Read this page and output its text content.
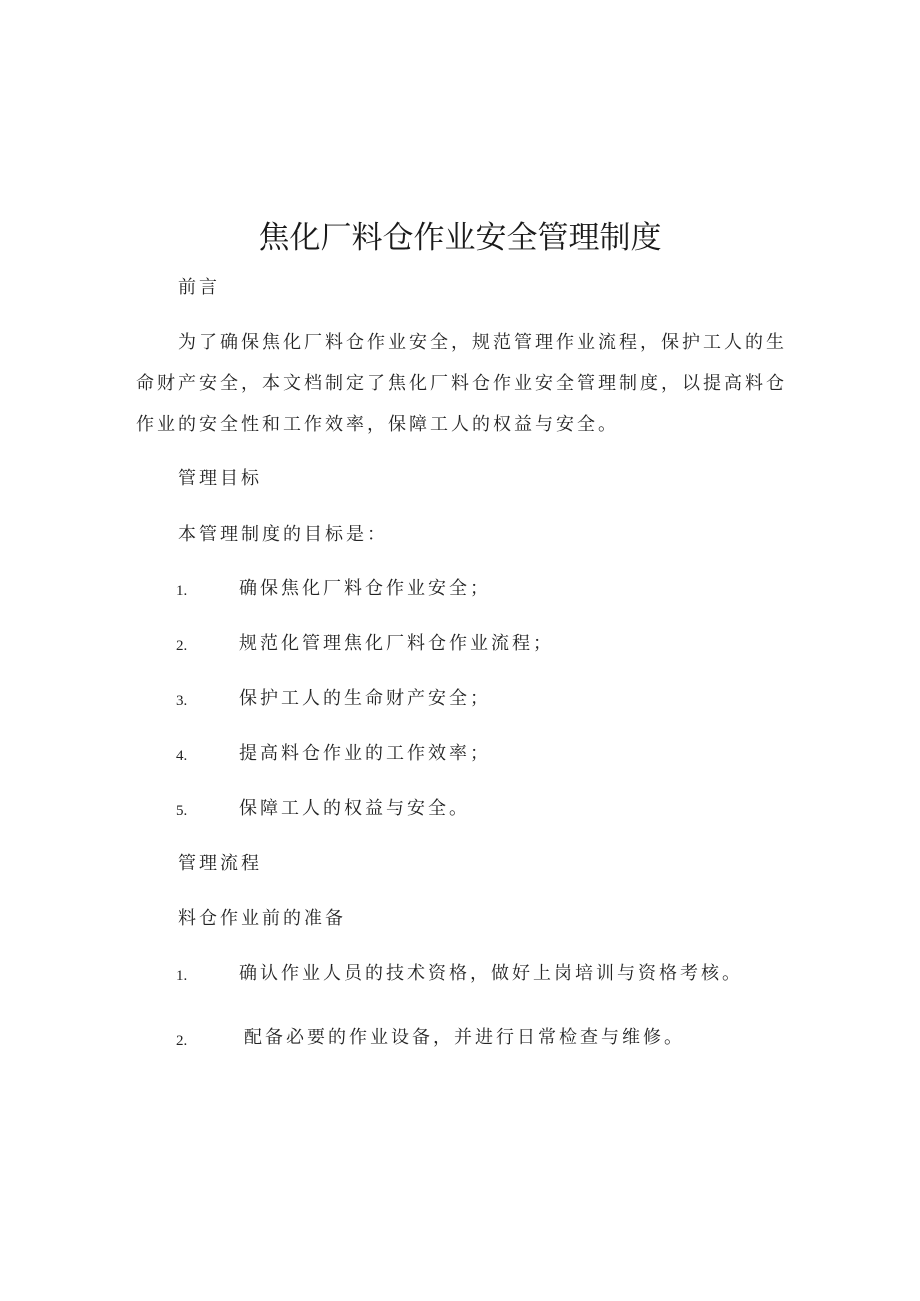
焦化厂料仓作业安全管理制度
前言
为了确保焦化厂料仓作业安全，规范管理作业流程，保护工人的生
命财产安全，本文档制定了焦化厂料仓作业安全管理制度，以提高料仓
作业的安全性和工作效率，保障工人的权益与安全。
管理目标
本管理制度的目标是：
1.	确保焦化厂料仓作业安全；
2.	规范化管理焦化厂料仓作业流程；
3.	保护工人的生命财产安全；
4.	提高料仓作业的工作效率；
5.	保障工人的权益与安全。
管理流程
料仓作业前的准备
1.	确认作业人员的技术资格，做好上岗培训与资格考核。
2.	配备必要的作业设备，并进行日常检查与维修。
